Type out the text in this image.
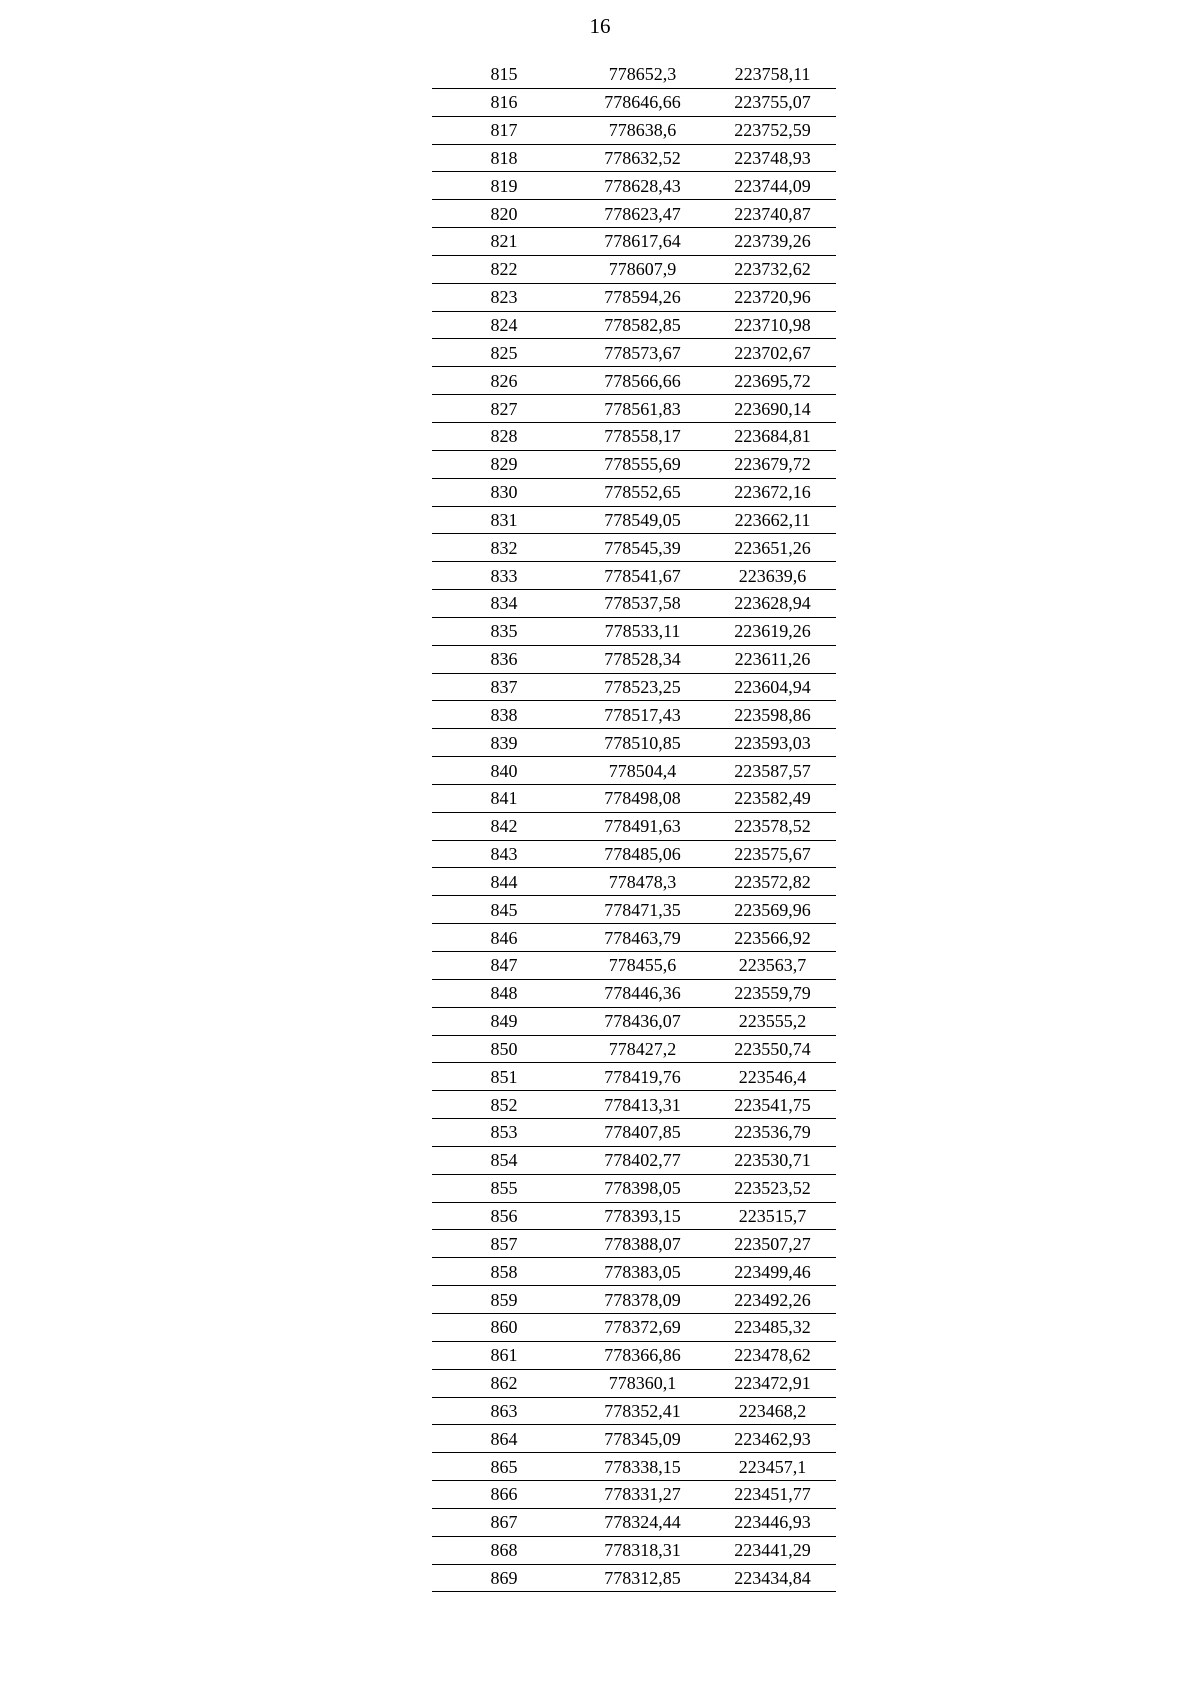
16
815	778652,3	223758,11
816	778646,66	223755,07
817	778638,6	223752,59
818	778632,52	223748,93
819	778628,43	223744,09
820	778623,47	223740,87
821	778617,64	223739,26
822	778607,9	223732,62
823	778594,26	223720,96
824	778582,85	223710,98
825	778573,67	223702,67
826	778566,66	223695,72
827	778561,83	223690,14
828	778558,17	223684,81
829	778555,69	223679,72
830	778552,65	223672,16
831	778549,05	223662,11
832	778545,39	223651,26
833	778541,67	223639,6
834	778537,58	223628,94
835	778533,11	223619,26
836	778528,34	223611,26
837	778523,25	223604,94
838	778517,43	223598,86
839	778510,85	223593,03
840	778504,4	223587,57
841	778498,08	223582,49
842	778491,63	223578,52
843	778485,06	223575,67
844	778478,3	223572,82
845	778471,35	223569,96
846	778463,79	223566,92
847	778455,6	223563,7
848	778446,36	223559,79
849	778436,07	223555,2
850	778427,2	223550,74
851	778419,76	223546,4
852	778413,31	223541,75
853	778407,85	223536,79
854	778402,77	223530,71
855	778398,05	223523,52
856	778393,15	223515,7
857	778388,07	223507,27
858	778383,05	223499,46
859	778378,09	223492,26
860	778372,69	223485,32
861	778366,86	223478,62
862	778360,1	223472,91
863	778352,41	223468,2
864	778345,09	223462,93
865	778338,15	223457,1
866	778331,27	223451,77
867	778324,44	223446,93
868	778318,31	223441,29
869	778312,85	223434,84
